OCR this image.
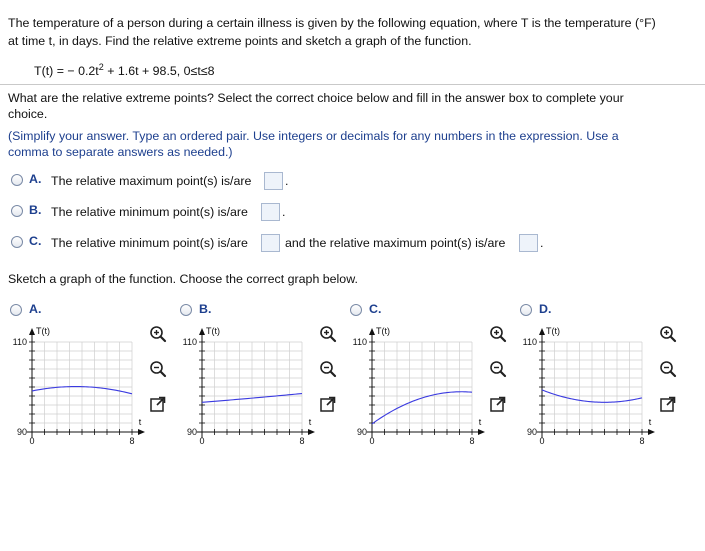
The temperature of a person during a certain illness is given by the following equation, where T is the temperature (°F)
at time t, in days. Find the relative extreme points and sketch a graph of the function.
T(t) = − $0.2t^2 + 1.6t + 98.5$, 0≤t≤8
What are the relative extreme points? Select the correct choice below and fill in the answer box to complete your
choice.
(Simplify your answer. Type an ordered pair. Use integers or decimals for any numbers in the expression. Use a
comma to separate answers as needed.)
A. The relative maximum point(s) is/are	.
B. The relative minimum point(s) is/are	.
C. The relative minimum point(s) is/are	and the relative maximum point(s) is/are	.
Sketch a graph of the function. Choose the correct graph below.
A.
T(t)
110
90
0	8
t
B.
T(t)
110
90
0	8
t
C.
T(t)
110
90
0	8
t
D.
T(t)
110
90
0	8
t
